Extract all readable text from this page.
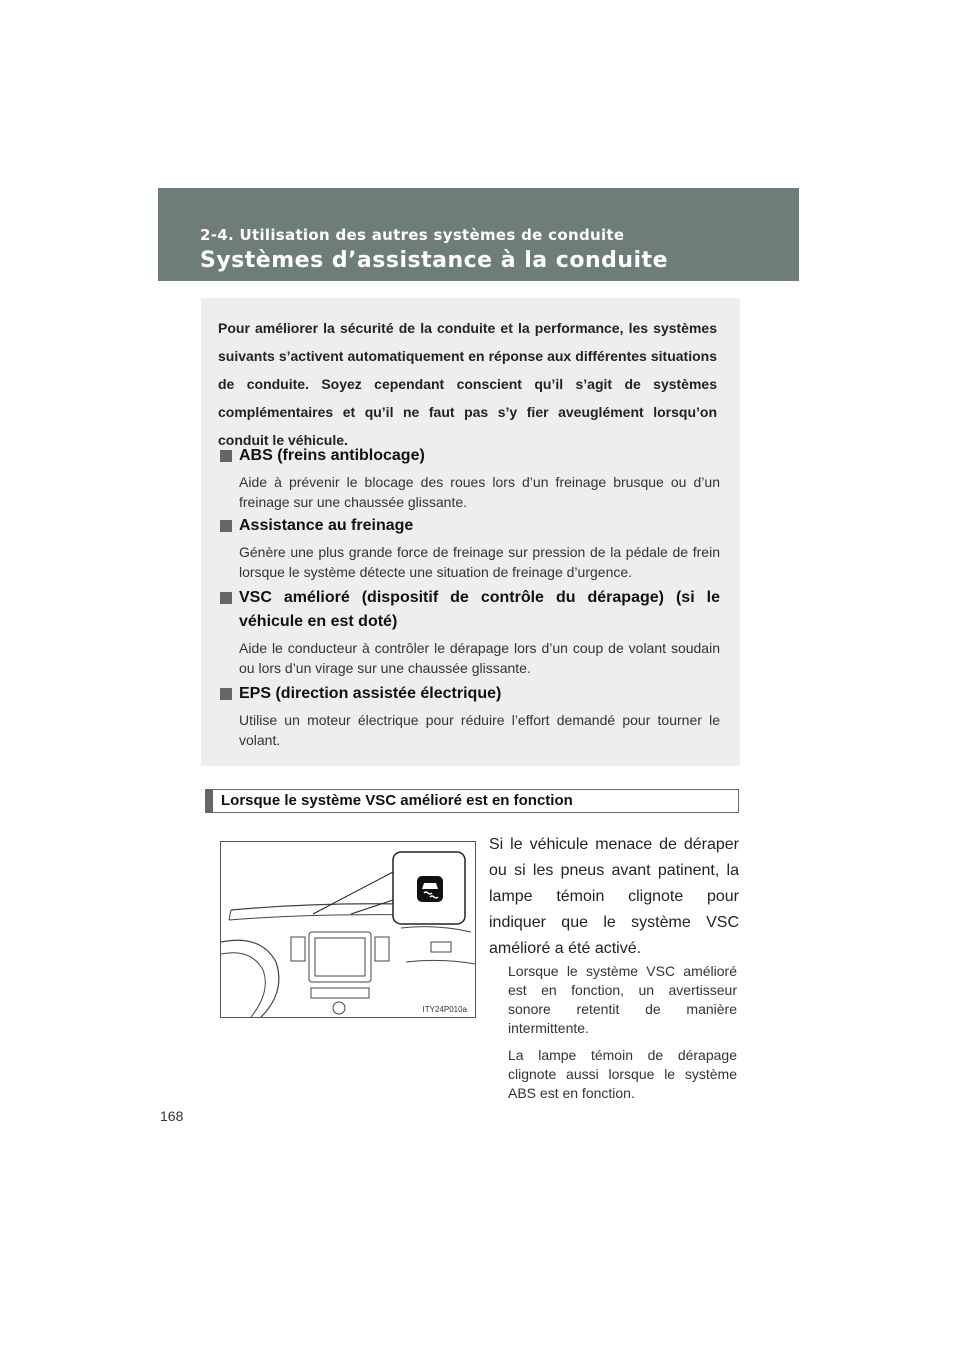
2-4. Utilisation des autres systèmes de conduite
Systèmes d’assistance à la conduite
Pour améliorer la sécurité de la conduite et la performance, les systèmes suivants s’activent automatiquement en réponse aux différentes situations de conduite. Soyez cependant conscient qu’il s’agit de systèmes complémentaires et qu’il ne faut pas s’y fier aveuglément lorsqu’on conduit le véhicule.
ABS (freins antiblocage)
Aide à prévenir le blocage des roues lors d’un freinage brusque ou d’un freinage sur une chaussée glissante.
Assistance au freinage
Génère une plus grande force de freinage sur pression de la pédale de frein lorsque le système détecte une situation de freinage d’urgence.
VSC amélioré (dispositif de contrôle du dérapage) (si le véhicule en est doté)
Aide le conducteur à contrôler le dérapage lors d’un coup de volant soudain ou lors d’un virage sur une chaussée glissante.
EPS (direction assistée électrique)
Utilise un moteur électrique pour réduire l’effort demandé pour tourner le volant.
Lorsque le système VSC amélioré est en fonction
ITY24P010a
Si le véhicule menace de déraper ou si les pneus avant patinent, la lampe témoin clignote pour indiquer que le système VSC amélioré a été activé.
Lorsque le système VSC amélioré est en fonction, un avertisseur sonore retentit de manière intermittente.
La lampe témoin de dérapage clignote aussi lorsque le système ABS est en fonction.
168
